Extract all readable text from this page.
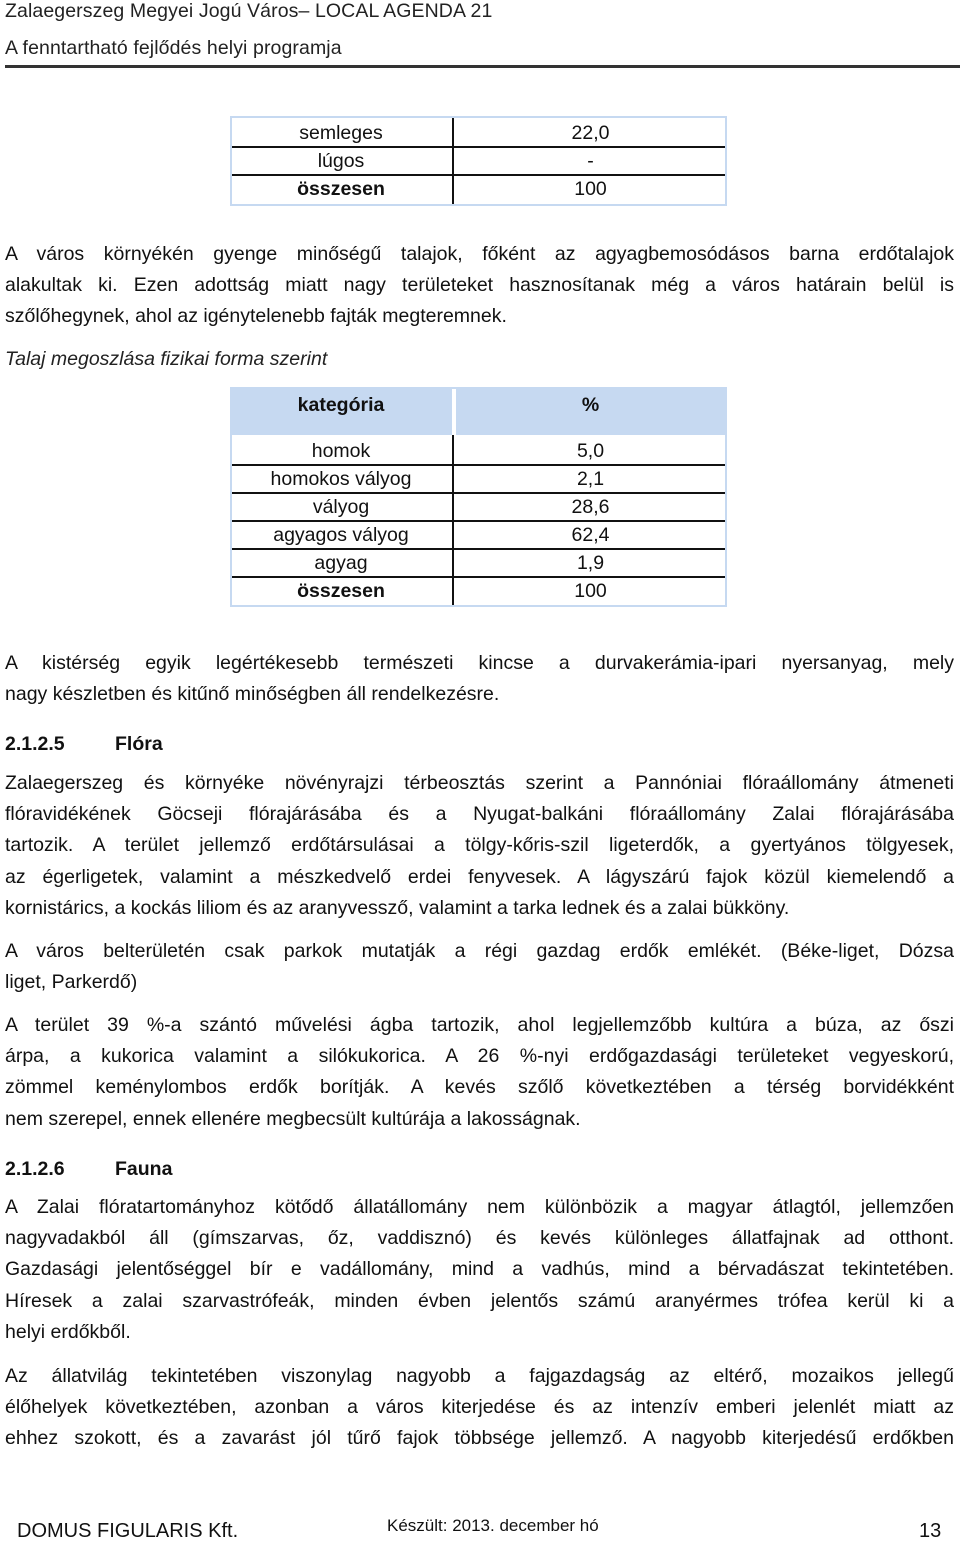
Zalaegerszeg Megyei Jogú Város– LOCAL AGENDA 21
A fenntartható fejlődés helyi programja
semleges	22,0
lúgos	-
összesen	100
A város környékén gyenge minőségű talajok, főként az agyagbemosódásos barna erdőtalajok
alakultak ki. Ezen adottság miatt nagy területeket hasznosítanak még a város határain belül is
szőlőhegynek, ahol az igénytelenebb fajták megteremnek.
Talaj megoszlása fizikai forma szerint
kategória	%
homok	5,0
homokos vályog	2,1
vályog	28,6
agyagos vályog	62,4
agyag	1,9
összesen	100
A kistérség egyik legértékesebb természeti kincse a durvakerámia-ipari nyersanyag, mely
nagy készletben és kitűnő minőségben áll rendelkezésre.
2.1.2.5	Flóra
Zalaegerszeg és környéke növényrajzi térbeosztás szerint a Pannóniai flóraállomány átmeneti
flóravidékének Göcseji flórajárásába és a Nyugat-balkáni flóraállomány Zalai flórajárásába
tartozik. A terület jellemző erdőtársulásai a tölgy-kőris-szil ligeterdők, a gyertyános tölgyesek,
az égerligetek, valamint a mészkedvelő erdei fenyvesek. A lágyszárú fajok közül kiemelendő a
kornistárics, a kockás liliom és az aranyvessző, valamint a tarka lednek és a zalai bükköny.
A város belterületén csak parkok mutatják a régi gazdag erdők emlékét. (Béke-liget, Dózsa
liget, Parkerdő)
A terület 39 %-a szántó művelési ágba tartozik, ahol legjellemzőbb kultúra a búza, az őszi
árpa, a kukorica valamint a silókukorica. A 26 %-nyi erdőgazdasági területeket vegyeskorú,
zömmel keménylombos erdők borítják. A kevés szőlő következtében a térség borvidékként
nem szerepel, ennek ellenére megbecsült kultúrája a lakosságnak.
2.1.2.6	Fauna
A Zalai flóratartományhoz kötődő állatállomány nem különbözik a magyar átlagtól, jellemzően
nagyvadakból áll (gímszarvas, őz, vaddisznó) és kevés különleges állatfajnak ad otthont.
Gazdasági jelentőséggel bír e vadállomány, mind a vadhús, mind a bérvadászat tekintetében.
Híresek a zalai szarvastrófeák, minden évben jelentős számú aranyérmes trófea kerül ki a
helyi erdőkből.
Az állatvilág tekintetében viszonylag nagyobb a fajgazdagság az eltérő, mozaikos jellegű
élőhelyek következtében, azonban a város kiterjedése és az intenzív emberi jelenlét miatt az
ehhez szokott, és a zavarást jól tűrő fajok többsége jellemző. A nagyobb kiterjedésű erdőkben
DOMUS FIGULARIS Kft.	Készült: 2013. december hó	13
